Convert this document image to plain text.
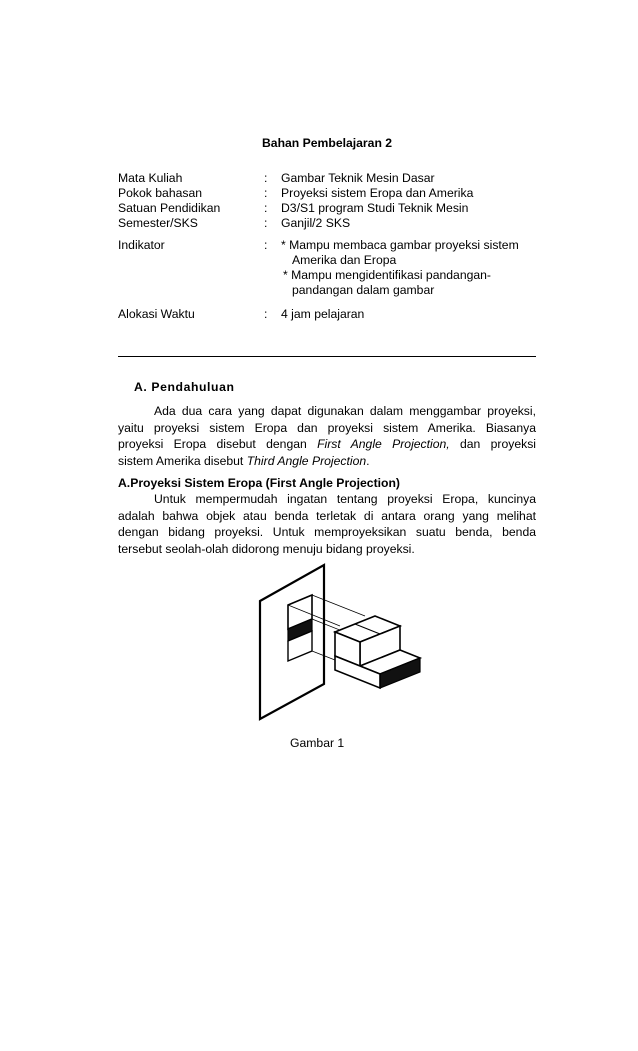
Bahan Pembelajaran 2
Mata Kuliah	: Gambar Teknik Mesin Dasar
Pokok bahasan	: Proyeksi sistem Eropa dan Amerika
Satuan Pendidikan	: D3/S1 program Studi Teknik Mesin
Semester/SKS	: Ganjil/2 SKS
Indikator	: * Mampu membaca gambar proyeksi sistem
Amerika dan Eropa
* Mampu mengidentifikasi pandangan-
pandangan dalam gambar
Alokasi Waktu	: 4 jam pelajaran
A. Pendahuluan
Ada dua cara yang dapat digunakan dalam menggambar proyeksi,
yaitu proyeksi sistem Eropa dan proyeksi sistem Amerika. Biasanya
proyeksi Eropa disebut dengan First Angle Projection, dan proyeksi
sistem Amerika disebut Third Angle Projection.
A.Proyeksi Sistem Eropa (First Angle Projection)
Untuk mempermudah ingatan tentang proyeksi Eropa, kuncinya
adalah bahwa objek atau benda terletak di antara orang yang melihat
dengan bidang proyeksi. Untuk memproyeksikan suatu benda, benda
tersebut seolah-olah didorong menuju bidang proyeksi.
Gambar 1
